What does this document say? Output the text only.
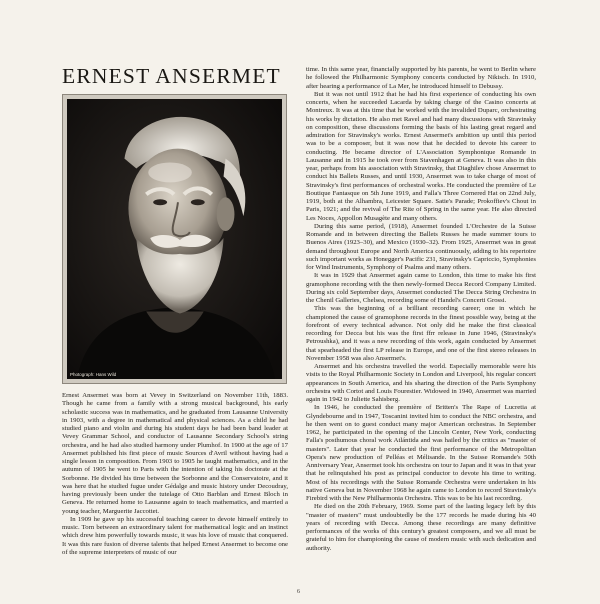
ERNEST ANSERMET
Photograph: Hans Wild

Ernest Ansermet was born at Vevey in Switzerland on November 11th, 1883. Though he came from a family with a strong musical background, his early scholastic success was in mathematics, and he graduated from Lausanne University in 1903, with a degree in mathematical and physical sciences. As a child he had studied piano and violin and during his student days he had been band leader at Vevey Grammar School, and conductor of Lausanne Secondary School's string orchestra, and he had also studied harmony under Plumhof. In 1900 at the age of 17 Ansermet published his first piece of music Sources d'Avril without having had a single lesson in composition. From 1903 to 1905 he taught mathematics, and in the autumn of 1905 he went to Paris with the intention of taking his doctorate at the Sorbonne. He divided his time between the Sorbonne and the Conservatoire, and it was here that he studied fugue under Gédalge and music history under Decoudray, having previously been under the tutelage of Otto Barblan and Ernest Bloch in Geneva. He returned home to Lausanne again to teach mathematics, and married a young teacher, Marguerite Jaccottet.

In 1909 he gave up his successful teaching career to devote himself entirely to music. Torn between an extraordinary talent for mathematical logic and an instinct which drew him powerfully towards music, it was his love of music that conquered. It was this rare fusion of diverse talents that helped Ernest Ansermet to become one of the supreme interpreters of music of our

time. In this same year, financially supported by his parents, he went to Berlin where he followed the Philharmonic Symphony concerts conducted by Nikisch. In 1910, after hearing a performance of La Mer, he introduced himself to Debussy.

But it was not until 1912 that he had his first experience of conducting his own concerts, when he succeeded Lacarda by taking charge of the Casino concerts at Montreux. It was at this time that he worked with the invalided Duparc, orchestrating his works by dictation. He also met Ravel and had many discussions with Stravinsky on composition, these discussions forming the basis of his lasting great regard and admiration for Stravinsky's works. Ernest Ansermet's ambition up until this period was to be a composer, but it was now that he decided to devote his career to conducting. He became director of L'Association Symphonique Romande in Lausanne and in 1915 he took over from Stavenhagen at Geneva. It was also in this year, perhaps from his association with Stravinsky, that Diaghilev chose Ansermet to conduct his Ballets Russes, and until 1930, Ansermet was to take charge of most of Stravinsky's first performances of orchestral works. He conducted the première of Le Boutique Fantasque on 5th June 1919, and Falla's Three Cornered Hat on 22nd July, 1919, both at the Alhambra, Leicester Square. Satie's Parade; Prokoffiev's Chout in Paris, 1921; and the revival of The Rite of Spring in the same year. He also directed Les Noces, Appollon Musagète and many others.

During this same period, (1918), Ansermet founded L'Orchestre de la Suisse Romande and in between directing the Ballets Russes he made summer tours to Buenos Aires (1923–30), and Mexico (1930–32). From 1925, Ansermet was in great demand throughout Europe and North America continuously, adding to his repertoire such important works as Honegger's Pacific 231, Stravinsky's Capriccio, Symphonies for Wind Instruments, Symphony of Psalms and many others.

It was in 1929 that Ansermet again came to London, this time to make his first gramophone recording with the then newly-formed Decca Record Company Limited. During six cold September days, Ansermet conducted The Decca String Orchestra in the Chenil Galleries, Chelsea, recording some of Handel's Concerti Grossi.

This was the beginning of a brilliant recording career; one in which he championed the cause of gramophone records in the finest possible way, being at the forefront of every technical advance. Not only did he make the first classical recording for Decca but his was the first ffrr release in June 1946, (Stravinsky's Petroushka), and it was a new recording of this work, again conducted by Ansermet that spearheaded the first LP release in Europe, and one of the first stereo releases in November 1958 was also Ansermet's.

Ansermet and his orchestra travelled the world. Especially memorable were his visits to the Royal Philharmonic Society in London and Liverpool, his regular concert appearances in South America, and his sharing the direction of the Paris Symphony orchestra with Cortot and Louis Fourestier. Widowed in 1940, Ansermet was married again in 1942 to Juliette Sahisberg.

In 1946, he conducted the première of Britten's The Rape of Lucretia at Glyndebourne and in 1947, Toscanini invited him to conduct the NBC orchestra, and he then went on to guest conduct many major American orchestras. In September 1962, he participated in the opening of the Lincoln Center, New York, conducting Falla's posthumous choral work Atlántida and was hailed by the critics as "master of masters". Later that year he conducted the first performance of the Metropolitan Opera's new production of Pelléas et Mélisande. In the Suisse Romande's 50th Anniversary Year, Ansermet took his orchestra on tour to Japan and it was in that year that he relinquished his post as principal conductor to devote his time to writing. Most of his recordings with the Suisse Romande Orchestra were undertaken in his native Geneva but in November 1968 he again came to London to record Stravinsky's Firebird with the New Philharmonia Orchestra. This was to be his last recording.

He died on the 20th February, 1969. Some part of the lasting legacy left by this "master of masters" must undoubtedly be the 177 records he made during his 40 years of recording with Decca. Among these recordings are many definitive performances of the works of this century's greatest composers, and we all must be grateful to him for championing the cause of modern music with such dedication and authority.

6
